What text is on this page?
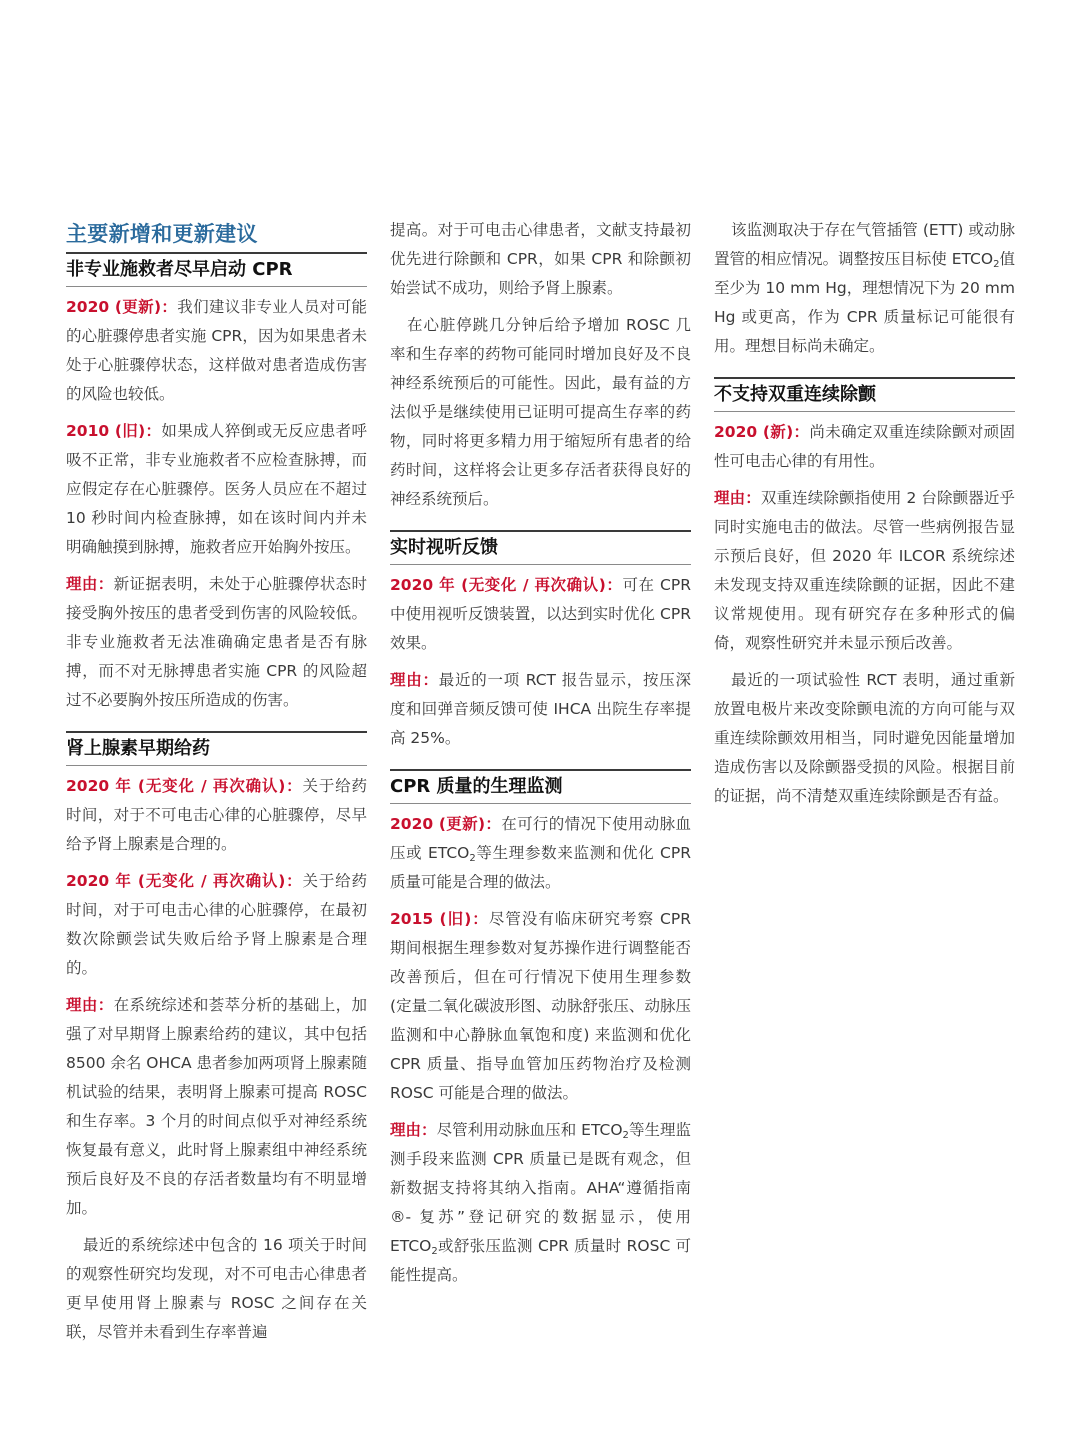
主要新增和更新建议
非专业施救者尽早启动 CPR

2020 (更新)：我们建议非专业人员对可能的心脏骤停患者实施 CPR，因为如果患者未处于心脏骤停状态，这样做对患者造成伤害的风险也较低。

2010 (旧)：如果成人猝倒或无反应患者呼吸不正常，非专业施救者不应检查脉搏，而应假定存在心脏骤停。医务人员应在不超过 10 秒时间内检查脉搏，如在该时间内并未明确触摸到脉搏，施救者应开始胸外按压。

理由：新证据表明，未处于心脏骤停状态时接受胸外按压的患者受到伤害的风险较低。非专业施救者无法准确确定患者是否有脉搏，而不对无脉搏患者实施 CPR 的风险超过不必要胸外按压所造成的伤害。

肾上腺素早期给药

2020 年 (无变化 / 再次确认)：关于给药时间，对于不可电击心律的心脏骤停，尽早给予肾上腺素是合理的。

2020 年 (无变化 / 再次确认)：关于给药时间，对于可电击心律的心脏骤停，在最初数次除颤尝试失败后给予肾上腺素是合理的。

理由：在系统综述和荟萃分析的基础上，加强了对早期肾上腺素给药的建议，其中包括 8500 余名 OHCA 患者参加两项肾上腺素随机试验的结果，表明肾上腺素可提高 ROSC 和生存率。3 个月的时间点似乎对神经系统恢复最有意义，此时肾上腺素组中神经系统预后良好及不良的存活者数量均有不明显增加。

最近的系统综述中包含的 16 项关于时间的观察性研究均发现，对不可电击心律患者更早使用肾上腺素与 ROSC 之间存在关联，尽管并未看到生存率普遍

提高。对于可电击心律患者，文献支持最初优先进行除颤和 CPR，如果 CPR 和除颤初始尝试不成功，则给予肾上腺素。

在心脏停跳几分钟后给予增加 ROSC 几率和生存率的药物可能同时增加良好及不良神经系统预后的可能性。因此，最有益的方法似乎是继续使用已证明可提高生存率的药物，同时将更多精力用于缩短所有患者的给药时间，这样将会让更多存活者获得良好的神经系统预后。

实时视听反馈

2020 年 (无变化 / 再次确认)：可在 CPR 中使用视听反馈装置，以达到实时优化 CPR 效果。

理由：最近的一项 RCT 报告显示，按压深度和回弹音频反馈可使 IHCA 出院生存率提高 25%。

CPR 质量的生理监测

2020 (更新)：在可行的情况下使用动脉血压或 $ETCO_2$等生理参数来监测和优化 CPR 质量可能是合理的做法。

2015 (旧)：尽管没有临床研究考察 CPR 期间根据生理参数对复苏操作进行调整能否改善预后，但在可行情况下使用生理参数 (定量二氧化碳波形图、动脉舒张压、动脉压监测和中心静脉血氧饱和度) 来监测和优化 CPR 质量、指导血管加压药物治疗及检测 ROSC 可能是合理的做法。

理由：尽管利用动脉血压和 $ETCO_2$等生理监测手段来监测 CPR 质量已是既有观念，但新数据支持将其纳入指南。AHA“遵循指南®- 复苏”登记研究的数据显示，使用 $ETCO_2$或舒张压监测 CPR 质量时 ROSC 可能性提高。

该监测取决于存在气管插管 (ETT) 或动脉置管的相应情况。调整按压目标使 $ETCO_2$值至少为 10 mm Hg，理想情况下为 20 mm Hg 或更高，作为 CPR 质量标记可能很有用。理想目标尚未确定。

不支持双重连续除颤

2020 (新)：尚未确定双重连续除颤对顽固性可电击心律的有用性。

理由：双重连续除颤指使用 2 台除颤器近乎同时实施电击的做法。尽管一些病例报告显示预后良好，但 2020 年 ILCOR 系统综述未发现支持双重连续除颤的证据，因此不建议常规使用。现有研究存在多种形式的偏倚，观察性研究并未显示预后改善。

最近的一项试验性 RCT 表明，通过重新放置电极片来改变除颤电流的方向可能与双重连续除颤效用相当，同时避免因能量增加造成伤害以及除颤器受损的风险。根据目前的证据，尚不清楚双重连续除颤是否有益。
